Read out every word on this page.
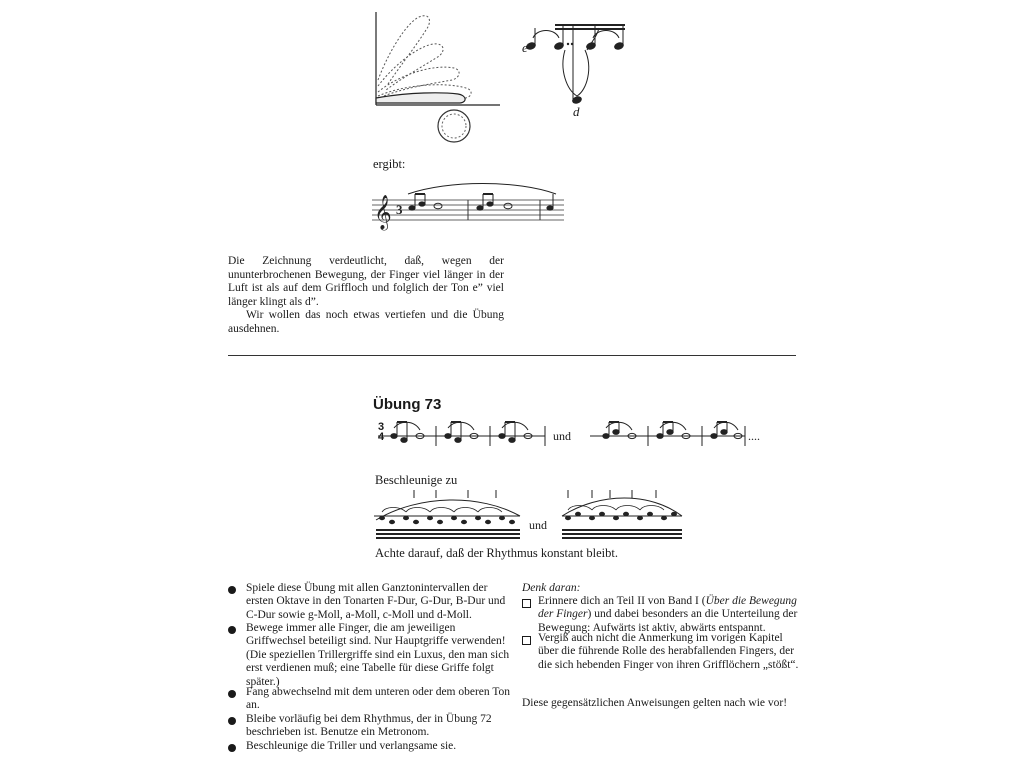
e
d
ergibt:
𝄞 3
Die Zeichnung verdeutlicht, daß, wegen der ununterbrochenen Bewegung, der Finger viel länger in der Luft ist als auf dem Griffloch und folglich der Ton e” viel länger klingt als d”.
Wir wollen das noch etwas vertiefen und die Übung ausdehnen.
Übung 73
3
4	und	....
Beschleunige zu
und
Achte darauf, daß der Rhythmus konstant bleibt.
Spiele diese Übung mit allen Ganztonintervallen der ersten Oktave in den Tonarten F-Dur, G-Dur, B-Dur und C-Dur sowie g-Moll, a-Moll, c-Moll und d-Moll.
Bewege immer alle Finger, die am jeweiligen Griffwechsel beteiligt sind. Nur Hauptgriffe verwenden! (Die speziellen Trillergriffe sind ein Luxus, den man sich erst verdienen muß; eine Tabelle für diese Griffe folgt später.)
Fang abwechselnd mit dem unteren oder dem oberen Ton an.
Bleibe vorläufig bei dem Rhythmus, der in Übung 72 beschrieben ist. Benutze ein Metronom.
Beschleunige die Triller und verlangsame sie.
Denk daran:
Erinnere dich an Teil II von Band I (Über die Bewegung der Finger) und dabei besonders an die Unterteilung der Bewegung: Aufwärts ist aktiv, abwärts entspannt.
Vergiß auch nicht die Anmerkung im vorigen Kapitel über die führende Rolle des herabfallenden Fingers, der die sich hebenden Finger von ihren Grifflöchern „stößt“.
Diese gegensätzlichen Anweisungen gelten nach wie vor!
